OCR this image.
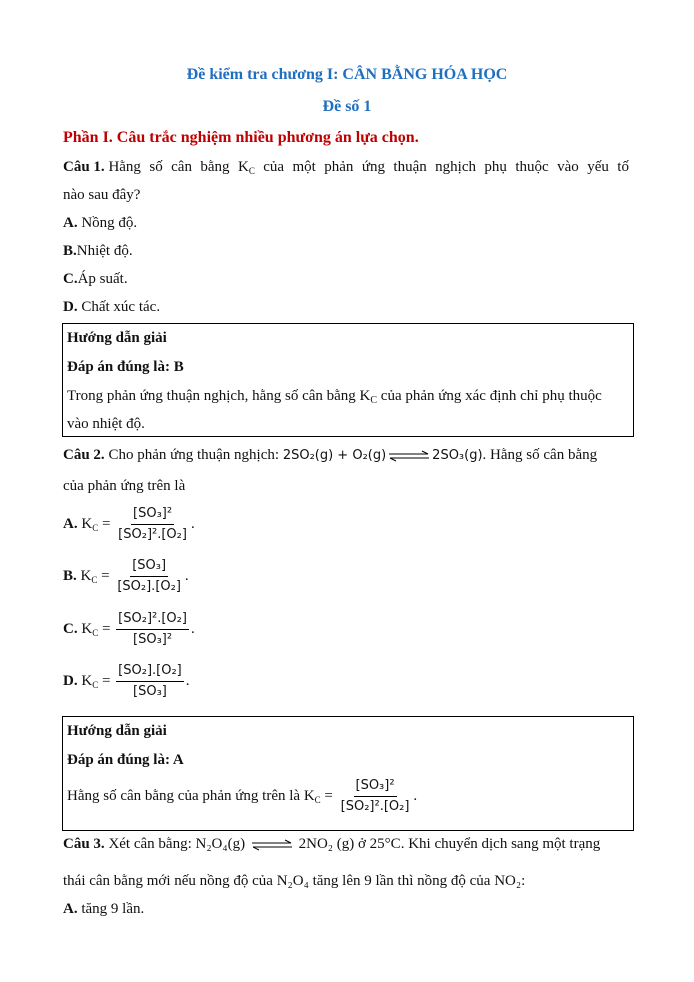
Đề kiểm tra chương I: CÂN BẰNG HÓA HỌC
Đề số 1
Phần I. Câu trắc nghiệm nhiều phương án lựa chọn.
Câu 1. Hằng số cân bằng $K_C$ của một phản ứng thuận nghịch phụ thuộc vào yếu tố
nào sau đây?
A. Nồng độ.
B.Nhiệt độ.
C.Áp suất.
D. Chất xúc tác.
Hướng dẫn giải
Đáp án đúng là: B
Trong phản ứng thuận nghịch, hằng số cân bằng $K_C$ của phản ứng xác định chỉ phụ thuộc
vào nhiệt độ.
Câu 2. Cho phản ứng thuận nghịch: 2SO₂(g) + O₂(g) ⇌ 2SO₃(g). Hằng số cân bằng
của phản ứng trên là
A. $K_C = \frac{\text{[SO₃]²}}{\text{[SO₂]².[O₂]}}$ .
B. $K_C = \frac{\text{[SO₃]}}{\text{[SO₂].[O₂]}}$ .
C. $K_C = \frac{\text{[SO₂]².[O₂]}}{\text{[SO₃]²}}$ .
D. $K_C = \frac{\text{[SO₂].[O₂]}}{\text{[SO₃]}}$ .
Hướng dẫn giải
Đáp án đúng là: A
Hằng số cân bằng của phản ứng trên là $K_C = \frac{\text{[SO₃]²}}{\text{[SO₂]².[O₂]}}$ .
Câu 3. Xét cân bằng: N₂O₄(g) ⇌ 2NO₂ (g) ở 25°C. Khi chuyển dịch sang một trạng
thái cân bằng mới nếu nồng độ của N₂O₄ tăng lên 9 lần thì nồng độ của NO₂:
A. tăng 9 lần.
